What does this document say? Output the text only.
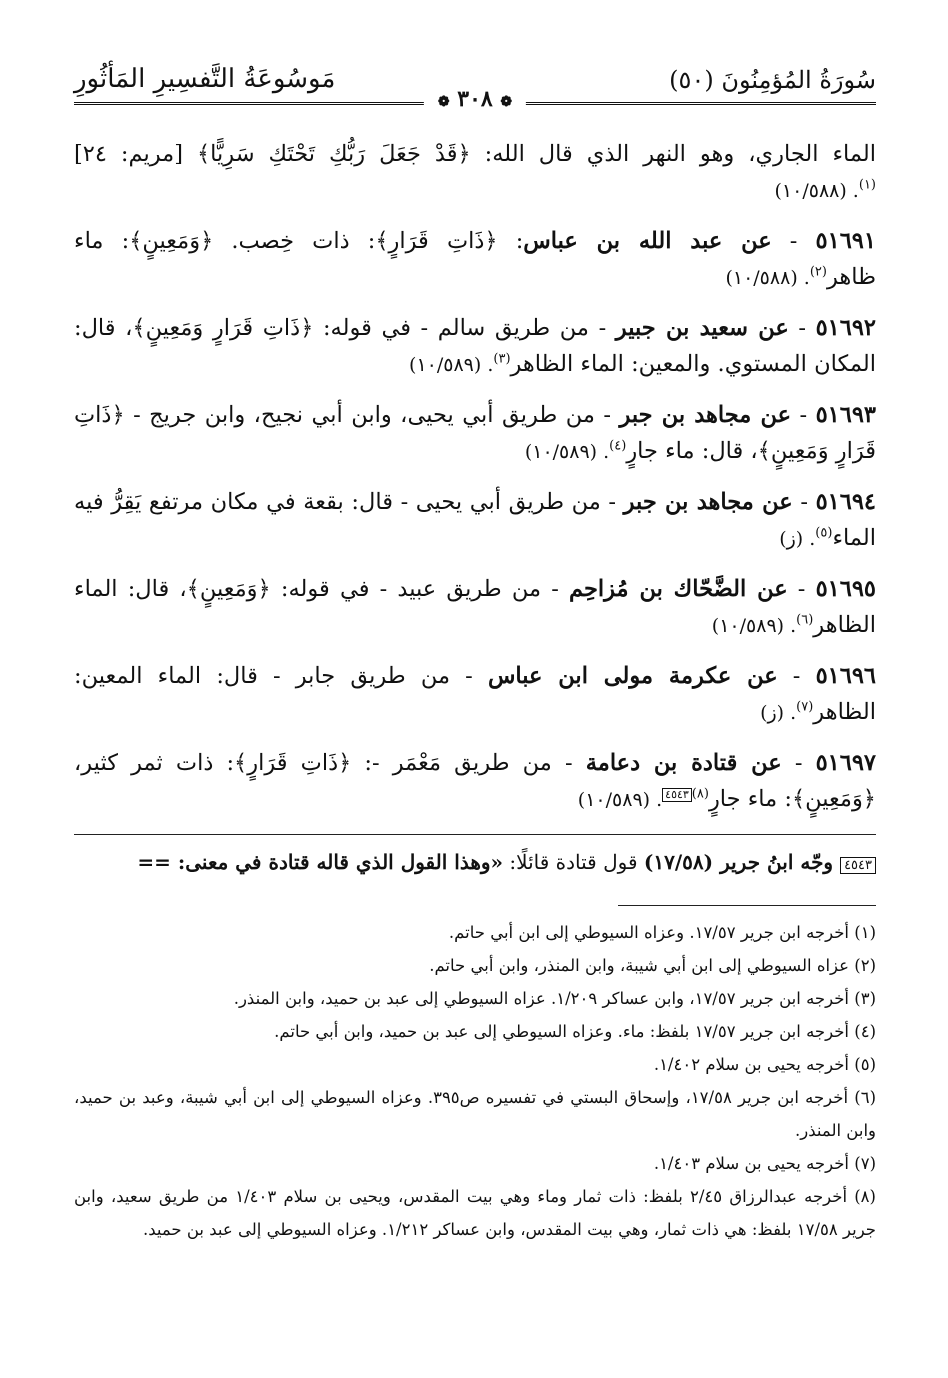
سُورَةُ المُؤمِنُونَ (٥٠)
❁ ٣٠٨ ❁
مَوسُوعَةُ التَّفسِيرِ المَأثُورِ

الماء الجاري، وهو النهر الذي قال الله: ﴿قَدْ جَعَلَ رَبُّكِ تَحْتَكِ سَرِيًّا﴾ [مريم: ٢٤]$^{(١)}$. (١٠/٥٨٨)

٥١٦٩١ - عن عبد الله بن عباس: ﴿ذَاتِ قَرَارٍ﴾: ذات خِصب. ﴿وَمَعِينٍ﴾: ماء ظاهر$^{(٢)}$. (١٠/٥٨٨)

٥١٦٩٢ - عن سعيد بن جبير - من طريق سالم - في قوله: ﴿ذَاتِ قَرَارٍ وَمَعِينٍ﴾، قال: المكان المستوي. والمعين: الماء الظاهر$^{(٣)}$. (١٠/٥٨٩)

٥١٦٩٣ - عن مجاهد بن جبر - من طريق أبي يحيى، وابن أبي نجيح، وابن جريج - ﴿ذَاتِ قَرَارٍ وَمَعِينٍ﴾، قال: ماء جارٍ$^{(٤)}$. (١٠/٥٨٩)

٥١٦٩٤ - عن مجاهد بن جبر - من طريق أبي يحيى - قال: بقعة في مكان مرتفع يَقِرُّ فيه الماء$^{(٥)}$. (ز)

٥١٦٩٥ - عن الضَّحّاك بن مُزاحِم - من طريق عبيد - في قوله: ﴿وَمَعِينٍ﴾، قال: الماء الظاهر$^{(٦)}$. (١٠/٥٨٩)

٥١٦٩٦ - عن عكرمة مولى ابن عباس - من طريق جابر - قال: الماء المعين: الظاهر$^{(٧)}$. (ز)

٥١٦٩٧ - عن قتادة بن دعامة - من طريق مَعْمَر -: ﴿ذَاتِ قَرَارٍ﴾: ذات ثمر كثير، ﴿وَمَعِينٍ﴾: ماء جارٍ$^{(٨)}$٤٥٤٣. (١٠/٥٨٩)

٤٥٤٣ وجّه ابنُ جرير (١٧/٥٨) قول قتادة قائلًا: «وهذا القول الذي قاله قتادة في معنى: ==

(١) أخرجه ابن جرير ١٧/٥٧. وعزاه السيوطي إلى ابن أبي حاتم.

(٢) عزاه السيوطي إلى ابن أبي شيبة، وابن المنذر، وابن أبي حاتم.

(٣) أخرجه ابن جرير ١٧/٥٧، وابن عساكر ١/٢٠٩. عزاه السيوطي إلى عبد بن حميد، وابن المنذر.

(٤) أخرجه ابن جرير ١٧/٥٧ بلفظ: ماء. وعزاه السيوطي إلى عبد بن حميد، وابن أبي حاتم.

(٥) أخرجه يحيى بن سلام ١/٤٠٢.

(٦) أخرجه ابن جرير ١٧/٥٨، وإسحاق البستي في تفسيره ص٣٩٥. وعزاه السيوطي إلى ابن أبي شيبة، وعبد بن حميد، وابن المنذر.

(٧) أخرجه يحيى بن سلام ١/٤٠٣.

(٨) أخرجه عبدالرزاق ٢/٤٥ بلفظ: ذات ثمار وماء وهي بيت المقدس، ويحيى بن سلام ١/٤٠٣ من طريق سعيد، وابن جرير ١٧/٥٨ بلفظ: هي ذات ثمار، وهي بيت المقدس، وابن عساكر ١/٢١٢. وعزاه السيوطي إلى عبد بن حميد.
